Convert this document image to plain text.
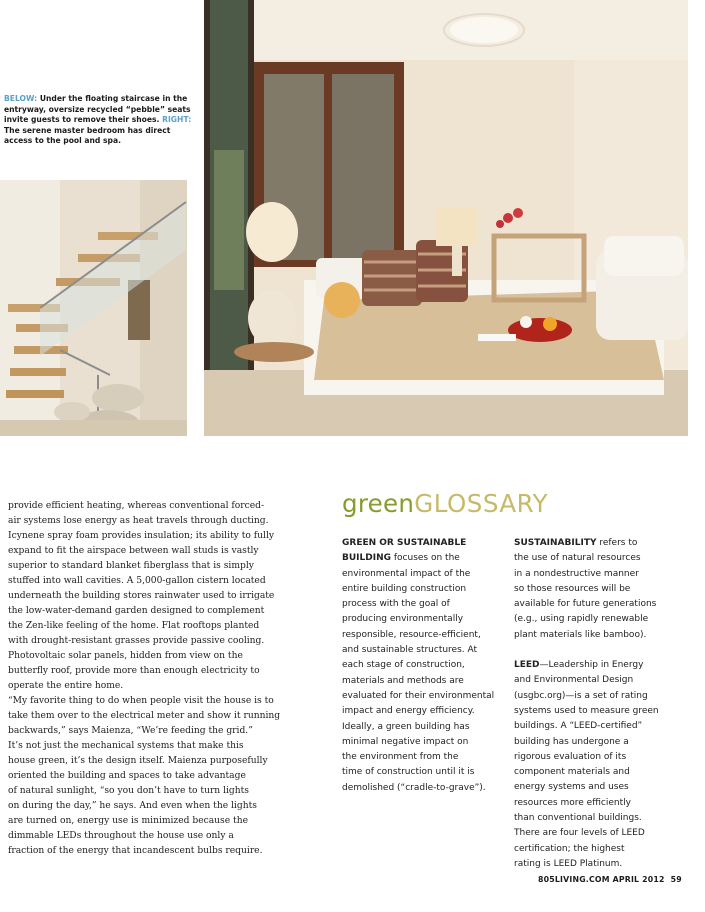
BELOW: Under the floating staircase in the entryway, oversize recycled “pebble” seats invite guests to remove their shoes. RIGHT: The serene master bedroom has direct access to the pool and spa.

provide efficient heating, whereas conventional forced-

air systems lose energy as heat travels through ducting.

Icynene spray foam provides insulation; its ability to fully

expand to fit the airspace between wall studs is vastly

superior to standard blanket fiberglass that is simply

stuffed into wall cavities. A 5,000-gallon cistern located

underneath the building stores rainwater used to irrigate

the low-water-demand garden designed to complement

the Zen-like feeling of the home. Flat rooftops planted

with drought-resistant grasses provide passive cooling.

Photovoltaic solar panels, hidden from view on the

butterfly roof, provide more than enough electricity to

operate the entire home.

“My favorite thing to do when people visit the house is to

take them over to the electrical meter and show it running

backwards,” says Maienza, “We’re feeding the grid.”

It’s not just the mechanical systems that make this

house green, it’s the design itself. Maienza purposefully

oriented the building and spaces to take advantage

of natural sunlight, “so you don’t have to turn lights

on during the day,” he says. And even when the lights

are turned on, energy use is minimized because the

dimmable LEDs throughout the house use only a

fraction of the energy that incandescent bulbs require.

greenGLOSSARY

GREEN OR SUSTAINABLE

BUILDING focuses on the

environmental impact of the

entire building construction

process with the goal of

producing environmentally

responsible, resource-efficient,

and sustainable structures. At

each stage of construction,

materials and methods are

evaluated for their environmental

impact and energy efficiency.

Ideally, a green building has

minimal negative impact on

the environment from the

time of construction until it is

demolished (“cradle-to-grave”).

SUSTAINABILITY refers to

the use of natural resources

in a nondestructive manner

so those resources will be

available for future generations

(e.g., using rapidly renewable

plant materials like bamboo).

LEED—Leadership in Energy

and Environmental Design

(usgbc.org)—is a set of rating

systems used to measure green

buildings. A “LEED-certified”

building has undergone a

rigorous evaluation of its

component materials and

energy systems and uses

resources more efficiently

than conventional buildings.

There are four levels of LEED

certification; the highest

rating is LEED Platinum.

805LIVING.COM APRIL 2012 59
